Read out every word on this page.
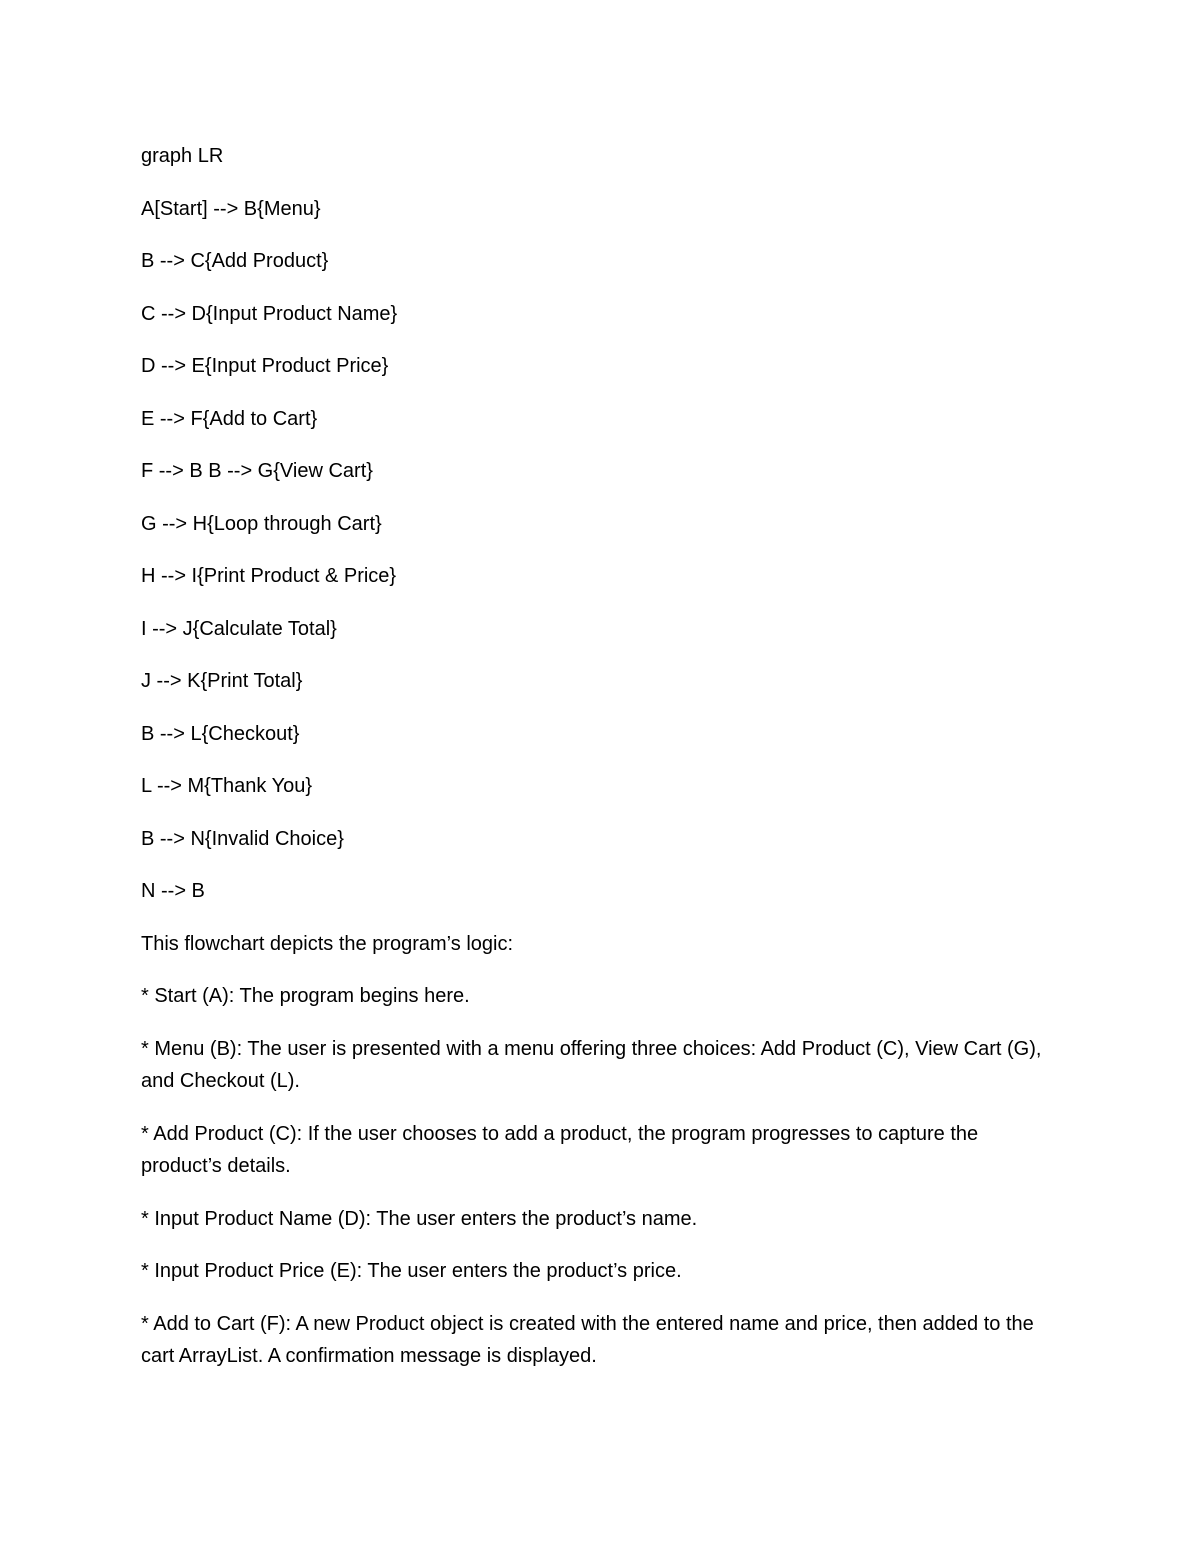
graph LR

A[Start] --> B{Menu}

B --> C{Add Product}

C --> D{Input Product Name}

D --> E{Input Product Price}

E --> F{Add to Cart}

F --> B B --> G{View Cart}

G --> H{Loop through Cart}

H --> I{Print Product & Price}

I --> J{Calculate Total}

J --> K{Print Total}

B --> L{Checkout}

L --> M{Thank You}

B --> N{Invalid Choice}

N --> B

This flowchart depicts the program’s logic:

* Start (A): The program begins here.

* Menu (B): The user is presented with a menu offering three choices: Add Product (C), View Cart (G), and Checkout (L).

* Add Product (C): If the user chooses to add a product, the program progresses to capture the product’s details.

* Input Product Name (D): The user enters the product’s name.

* Input Product Price (E): The user enters the product’s price.

* Add to Cart (F): A new Product object is created with the entered name and price, then added to the cart ArrayList. A confirmation message is displayed.
